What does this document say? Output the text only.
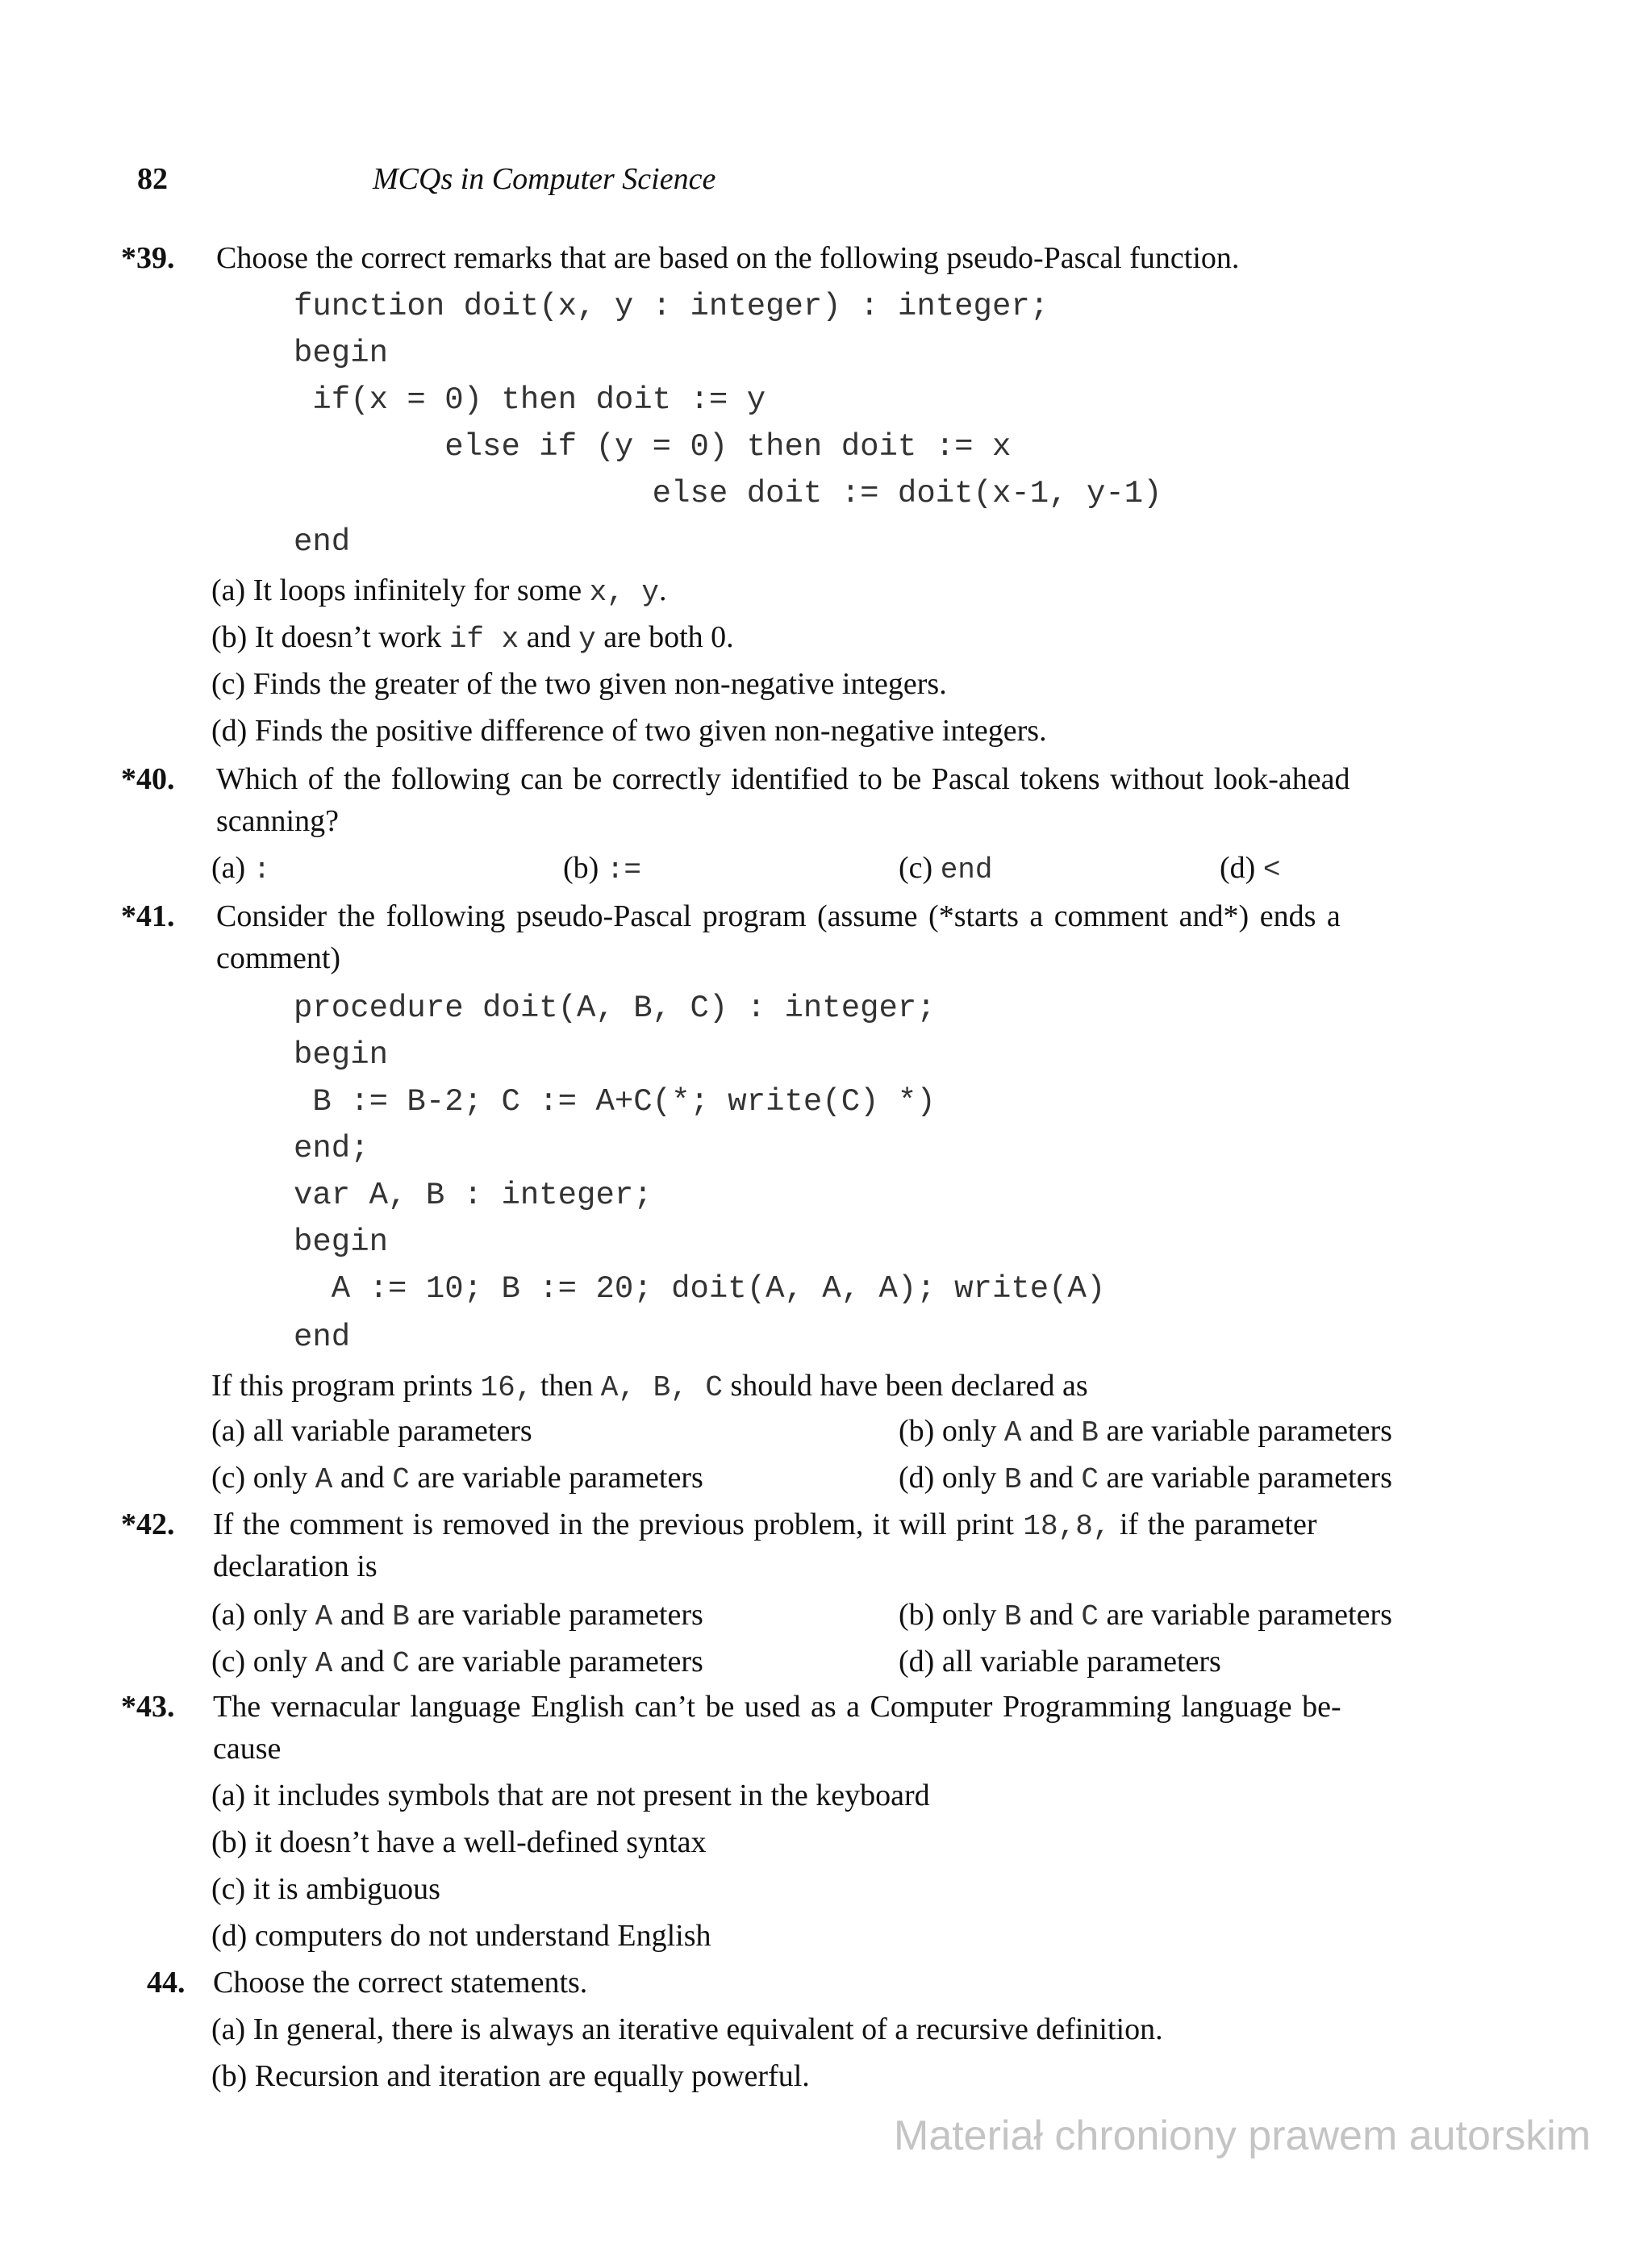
82	MCQs in Computer Science
*39. Choose the correct remarks that are based on the following pseudo-Pascal function.
function doit(x, y : integer) : integer;
begin
if(x = 0) then doit := y
else if (y = 0) then doit := x
else doit := doit(x-1, y-1)
end
(a) It loops infinitely for some x, y.
(b) It doesn’t work if x and y are both 0.
(c) Finds the greater of the two given non-negative integers.
(d) Finds the positive difference of two given non-negative integers.
*40. Which of the following can be correctly identified to be Pascal tokens without look-ahead
scanning?
(a) :	(b) :=	(c) end	(d) <
*41. Consider the following pseudo-Pascal program (assume (*starts a comment and*) ends a
comment)
procedure doit(A, B, C) : integer;
begin
B := B-2; C := A+C(*; write(C) *)
end;
var A, B : integer;
begin
A := 10; B := 20; doit(A, A, A); write(A)
end
If this program prints 16, then A, B, C should have been declared as
(a) all variable parameters	(b) only A and B are variable parameters
(c) only A and C are variable parameters	(d) only B and C are variable parameters
*42. If the comment is removed in the previous problem, it will print 18,8, if the parameter
declaration is
(a) only A and B are variable parameters	(b) only B and C are variable parameters
(c) only A and C are variable parameters	(d) all variable parameters
*43. The vernacular language English can’t be used as a Computer Programming language be-
cause
(a) it includes symbols that are not present in the keyboard
(b) it doesn’t have a well-defined syntax
(c) it is ambiguous
(d) computers do not understand English
44. Choose the correct statements.
(a) In general, there is always an iterative equivalent of a recursive definition.
(b) Recursion and iteration are equally powerful.
Materiał chroniony prawem autorskim
